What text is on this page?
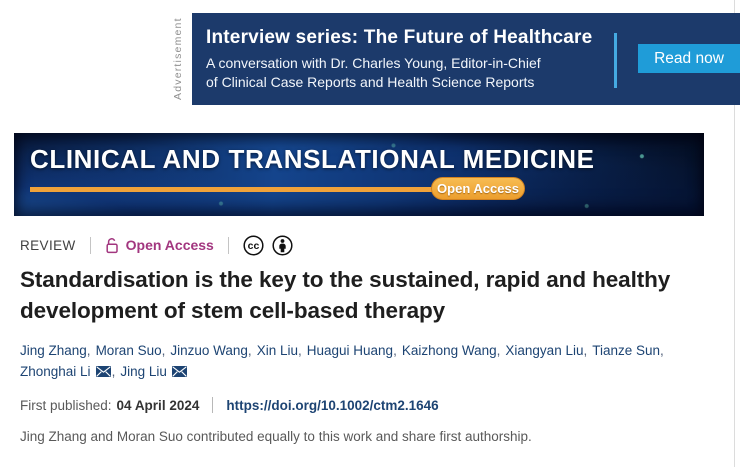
Advertisement Interview series: The Future of Healthcare
A conversation with Dr. Charles Young, Editor-in-Chief
of Clinical Case Reports and Health Science Reports
Read now
CLINICAL AND TRANSLATIONAL MEDICINE
Open Access
REVIEW	Open Access	cc
Standardisation is the key to the sustained, rapid and healthy
development of stem cell-based therapy
Jing Zhang, Moran Suo, Jinzuo Wang, Xin Liu, Huagui Huang, Kaizhong Wang, Xiangyan Liu, Tianze Sun,
Zhonghai Li , Jing Liu
First published: 04 April 2024 https://doi.org/10.1002/ctm2.1646
Jing Zhang and Moran Suo contributed equally to this work and share first authorship.
